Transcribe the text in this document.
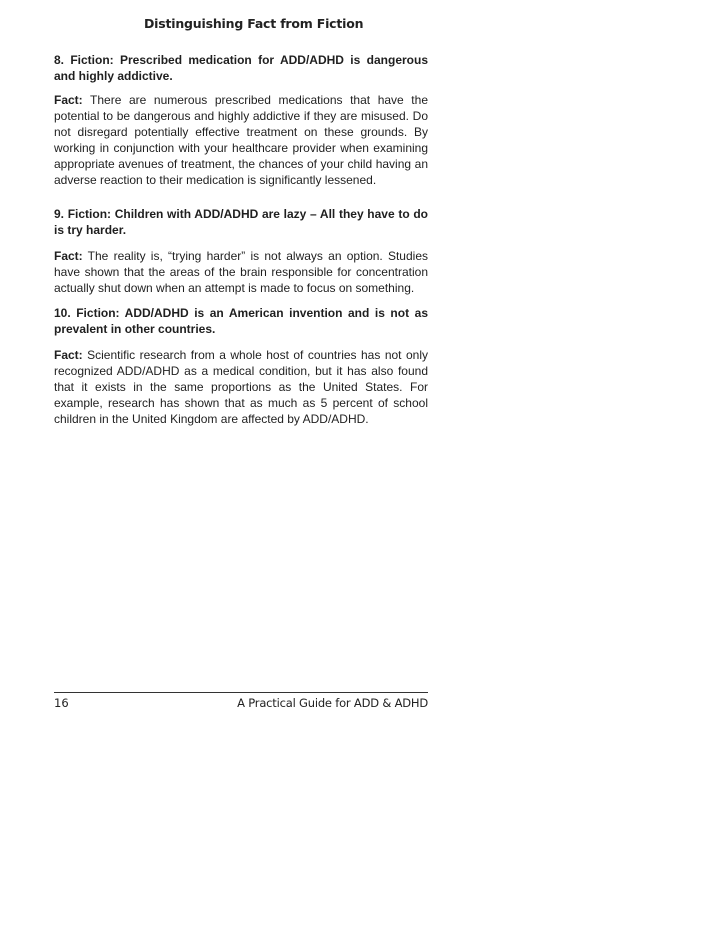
Distinguishing Fact from Fiction
8. Fiction: Prescribed medication for ADD/ADHD is dangerous and highly addictive.
Fact: There are numerous prescribed medications that have the potential to be dangerous and highly addictive if they are misused. Do not disregard potentially effective treatment on these grounds. By working in conjunction with your healthcare provider when examining appropriate avenues of treatment, the chances of your child having an adverse reaction to their medication is significantly lessened.
9. Fiction: Children with ADD/ADHD are lazy – All they have to do is try harder.
Fact: The reality is, “trying harder” is not always an option. Studies have shown that the areas of the brain responsible for concentration actually shut down when an attempt is made to focus on something.
10. Fiction: ADD/ADHD is an American invention and is not as prevalent in other countries.
Fact: Scientific research from a whole host of countries has not only recognized ADD/ADHD as a medical condition, but it has also found that it exists in the same proportions as the United States. For example, research has shown that as much as 5 percent of school children in the United Kingdom are affected by ADD/ADHD.
16	A Practical Guide for ADD & ADHD
